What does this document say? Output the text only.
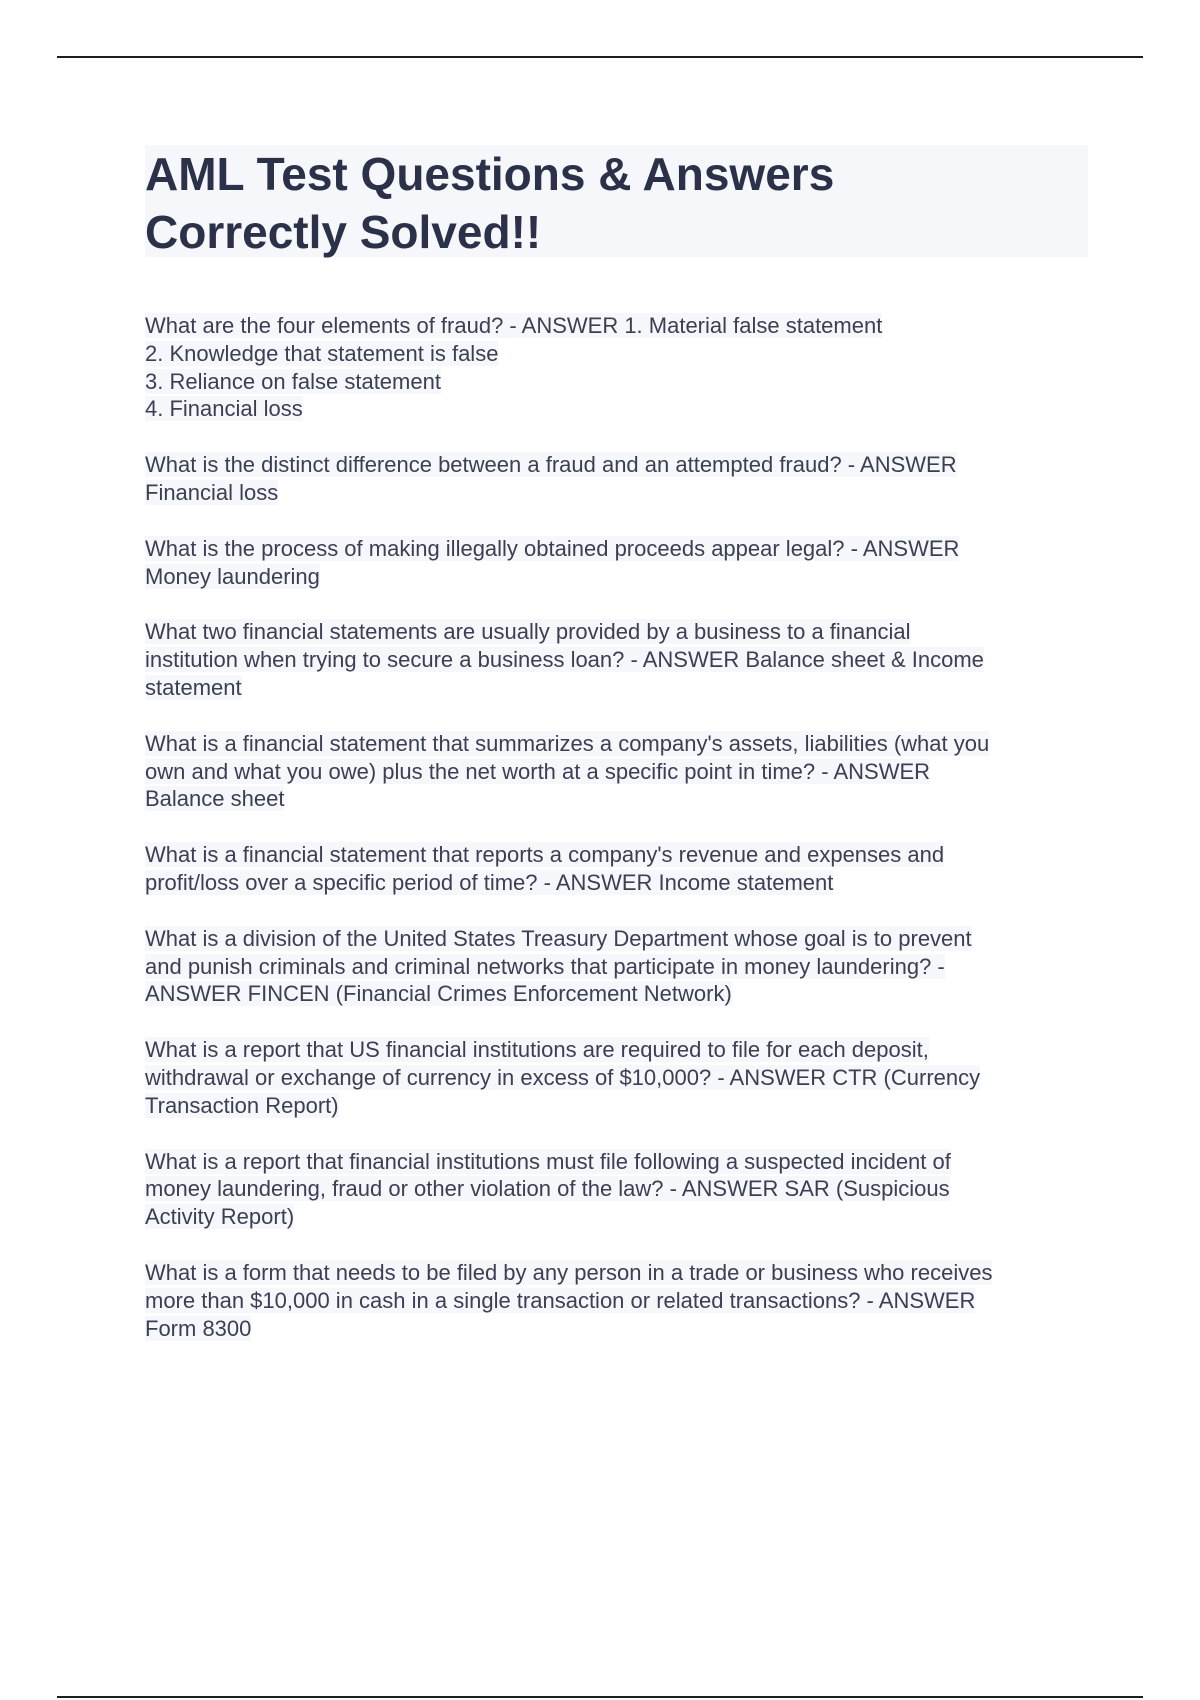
AML Test Questions & Answers
Correctly Solved!!
What are the four elements of fraud? - ANSWER 1. Material false statement
2. Knowledge that statement is false
3. Reliance on false statement
4. Financial loss
What is the distinct difference between a fraud and an attempted fraud? - ANSWER
Financial loss
What is the process of making illegally obtained proceeds appear legal? - ANSWER
Money laundering
What two financial statements are usually provided by a business to a financial
institution when trying to secure a business loan? - ANSWER Balance sheet & Income
statement
What is a financial statement that summarizes a company's assets, liabilities (what you
own and what you owe) plus the net worth at a specific point in time? - ANSWER
Balance sheet
What is a financial statement that reports a company's revenue and expenses and
profit/loss over a specific period of time? - ANSWER Income statement
What is a division of the United States Treasury Department whose goal is to prevent
and punish criminals and criminal networks that participate in money laundering? -
ANSWER FINCEN (Financial Crimes Enforcement Network)
What is a report that US financial institutions are required to file for each deposit,
withdrawal or exchange of currency in excess of $10,000? - ANSWER CTR (Currency
Transaction Report)
What is a report that financial institutions must file following a suspected incident of
money laundering, fraud or other violation of the law? - ANSWER SAR (Suspicious
Activity Report)
What is a form that needs to be filed by any person in a trade or business who receives
more than $10,000 in cash in a single transaction or related transactions? - ANSWER
Form 8300
